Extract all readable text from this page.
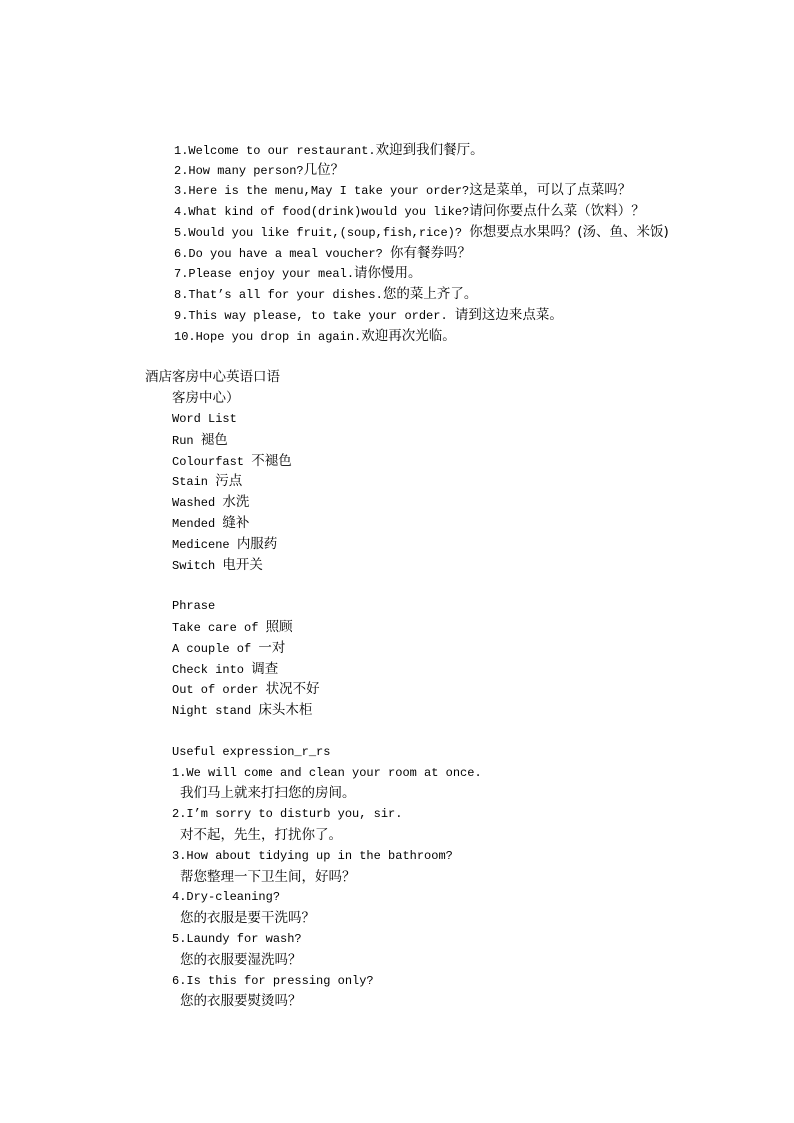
1.Welcome to our restaurant.欢迎到我们餐厅。
2.How many person?几位？
3.Here is the menu,May I take your order?这是菜单，可以了点菜吗？
4.What kind of food(drink)would you like?请问你要点什么菜（饮料）？
5.Would you like fruit,(soup,fish,rice)? 你想要点水果吗？(汤、鱼、米饭)
6.Do you have a meal voucher? 你有餐券吗？
7.Please enjoy your meal.请你慢用。
8.That’s all for your dishes.您的菜上齐了。
9.This way please, to take your order. 请到这边来点菜。
10.Hope you drop in again.欢迎再次光临。
酒店客房中心英语口语
客房中心）
Word List
Run 褪色
Colourfast 不褪色
Stain 污点
Washed 水洗
Mended 缝补
Medicene 内服药
Switch 电开关
Phrase
Take care of 照顾
A couple of 一对
Check into 调查
Out of order 状况不好
Night stand 床头木柜
Useful expression_r_rs
1.We will come and clean your room at once.
我们马上就来打扫您的房间。
2.I’m sorry to disturb you, sir.
对不起，先生，打扰你了。
3.How about tidying up in the bathroom?
帮您整理一下卫生间，好吗？
4.Dry-cleaning?
您的衣服是要干洗吗？
5.Laundy for wash?
您的衣服要湿洗吗？
6.Is this for pressing only?
您的衣服要熨烫吗？
